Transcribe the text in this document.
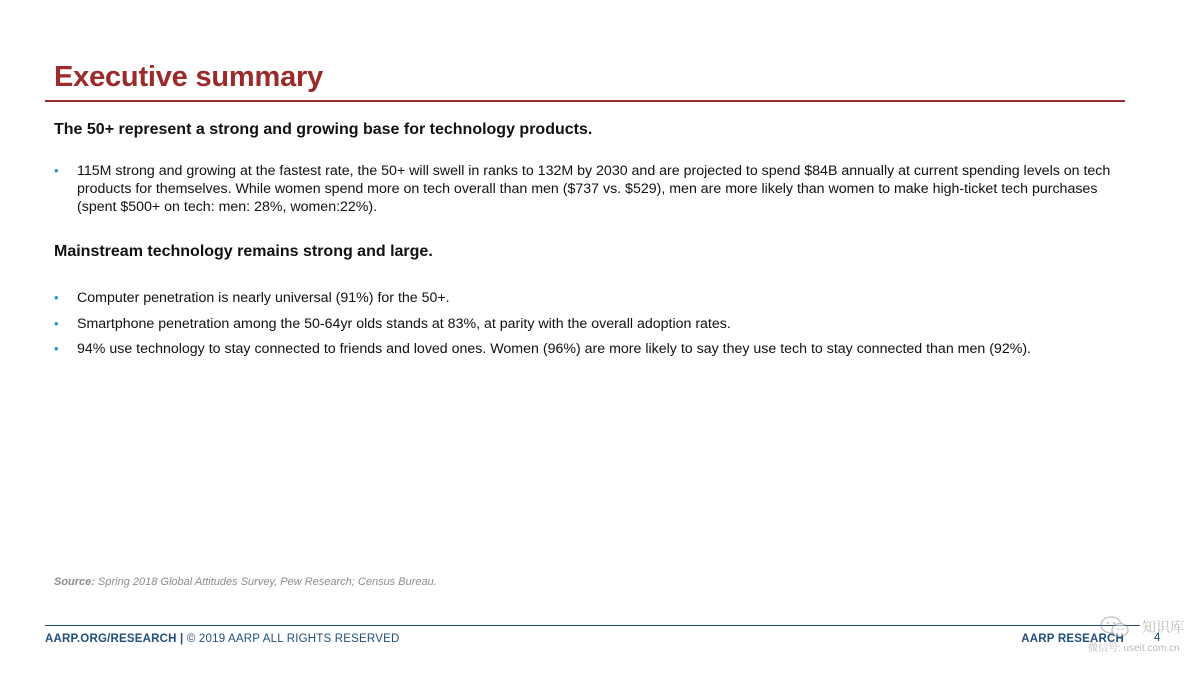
Executive summary
The 50+ represent a strong and growing base for technology products.
• 115M strong and growing at the fastest rate, the 50+ will swell in ranks to 132M by 2030 and are projected to spend $84B annually at current spending levels on tech products for themselves. While women spend more on tech overall than men ($737 vs. $529), men are more likely than women to make high-ticket tech purchases (spent $500+ on tech: men: 28%, women:22%).
Mainstream technology remains strong and large.
• Computer penetration is nearly universal (91%) for the 50+.
• Smartphone penetration among the 50-64yr olds stands at 83%, at parity with the overall adoption rates.
• 94% use technology to stay connected to friends and loved ones. Women (96%) are more likely to say they use tech to stay connected than men (92%).
Source: Spring 2018 Global Attitudes Survey, Pew Research; Census Bureau.
AARP.ORG/RESEARCH | © 2019 AARP ALL RIGHTS RESERVED	AARP RESEARCH	4
知识库
微信号: useit.com.cn
